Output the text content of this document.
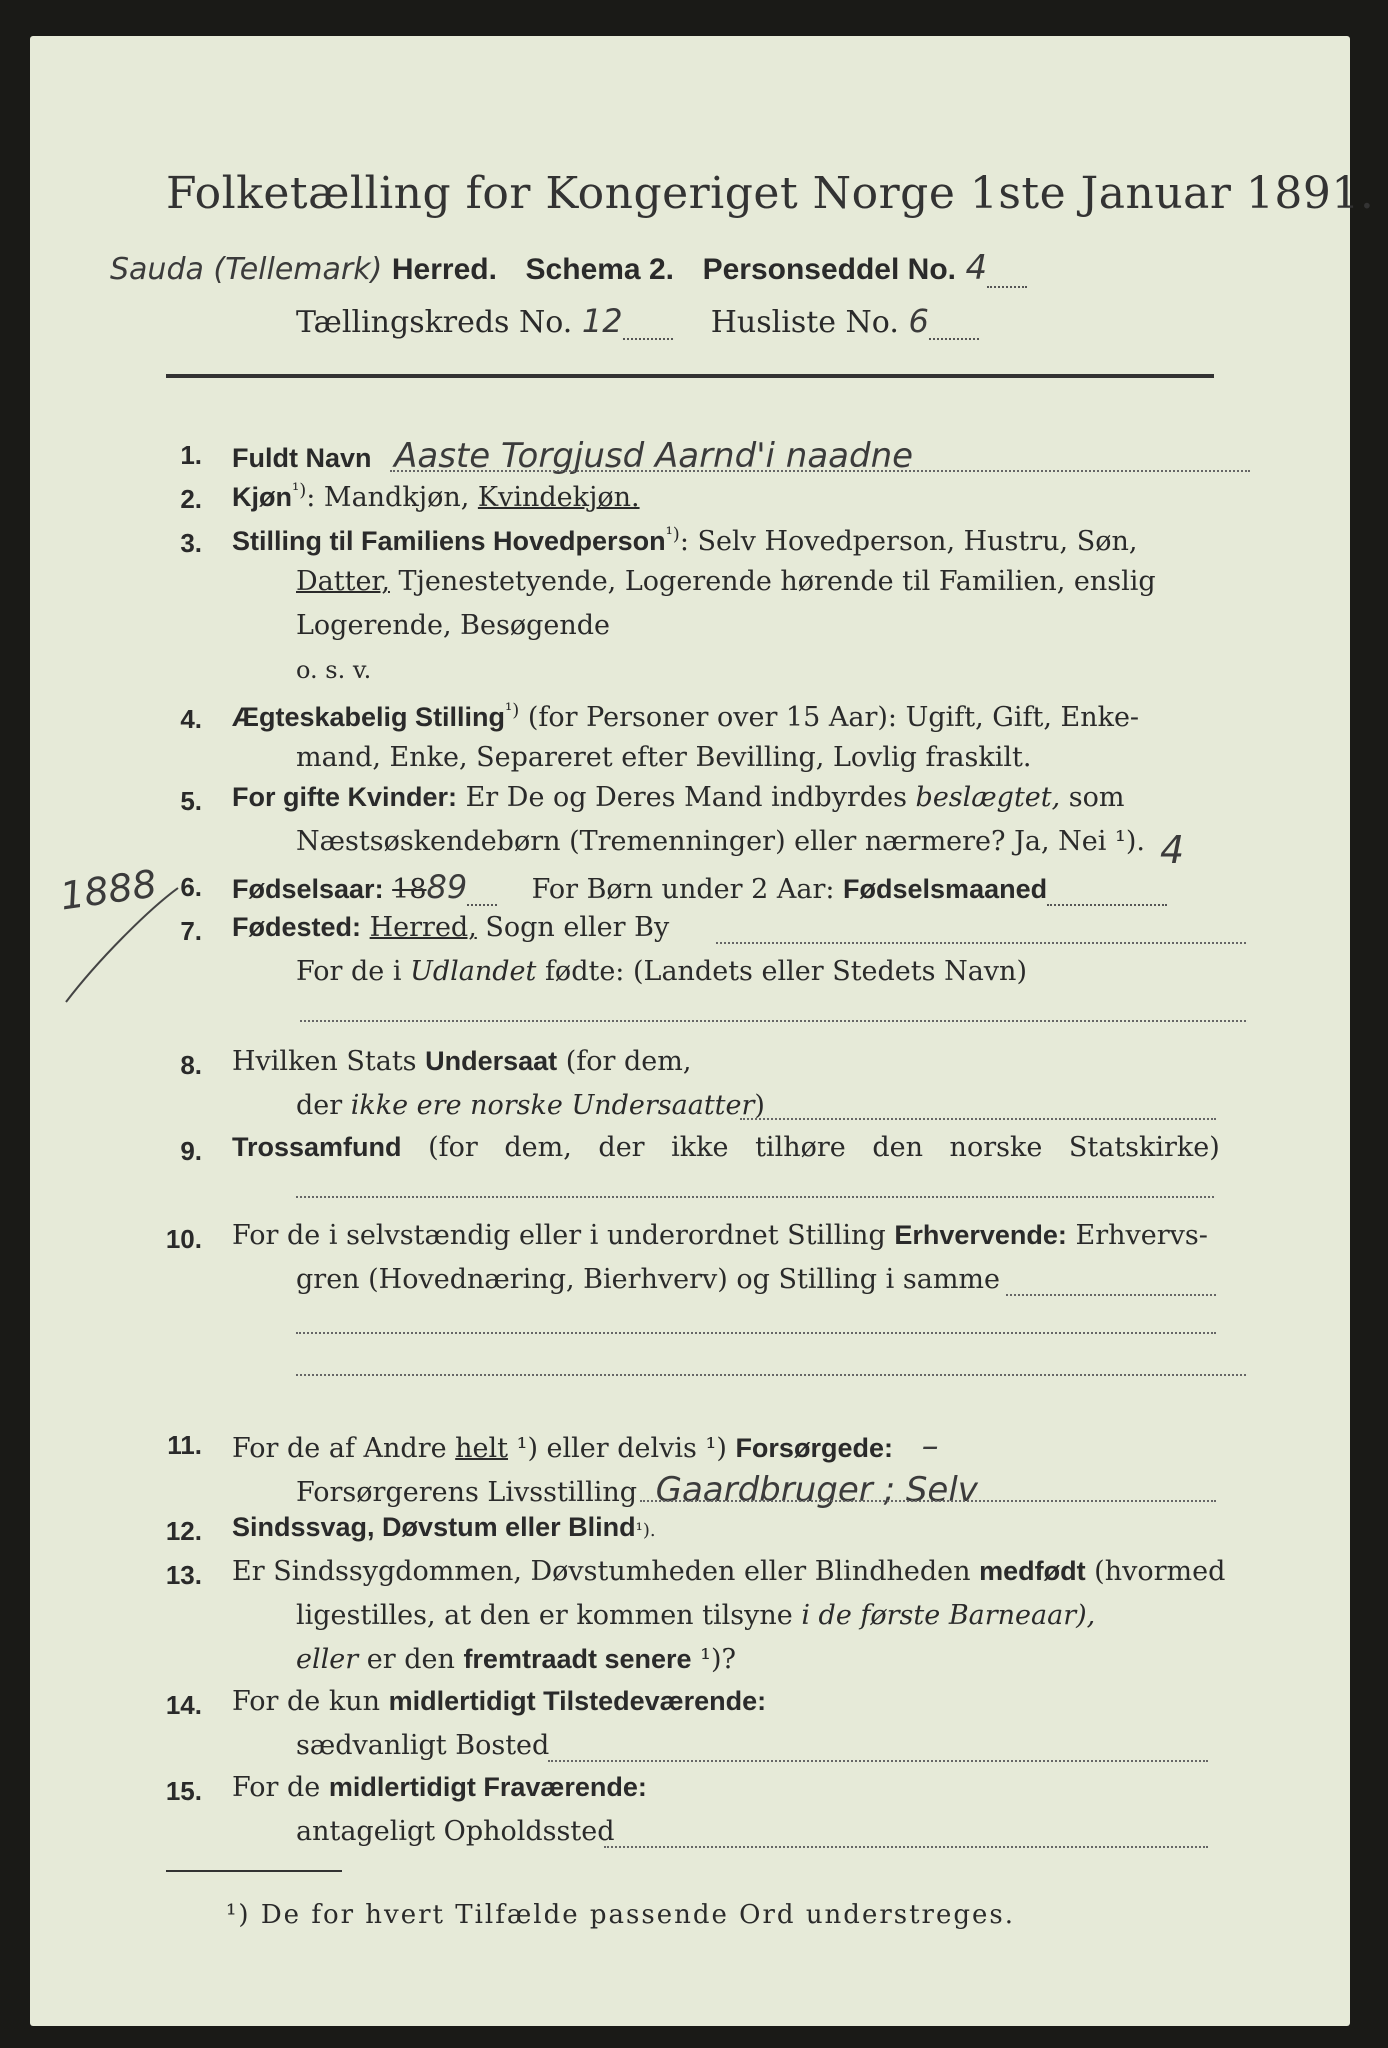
Folketælling for Kongeriget Norge 1ste Januar 1891.
Sauda (Tellemark) Herred. Schema 2. Personseddel No. 4
Tællingskreds No. 12	Husliste No. 6
1. Fuldt Navn Aaste Torgjusd Aarnd'i naadne
2. Kjøn$^{^1)}$: Mandkjøn, Kvindekjøn.
3. Stilling til Familiens Hovedperson$^{^1)}$: Selv Hovedperson, Hustru, Søn,
Datter, Tjenestetyende, Logerende hørende til Familien, enslig
Logerende, Besøgende
o. s. v.
4. Ægteskabelig Stilling$^{^1)}$ (for Personer over 15 Aar): Ugift, Gift, Enke-
mand, Enke, Separeret efter Bevilling, Lovlig fraskilt.
5. For gifte Kvinder: Er De og Deres Mand indbyrdes beslægtet, som
Næstsøskendebørn (Tremenninger) eller nærmere? Ja, Nei ¹). 4
1888 6. Fødselsaar: 1889 For Børn under 2 Aar: Fødselsmaaned
7. Fødested: Herred, Sogn eller By
For de i Udlandet fødte: (Landets eller Stedets Navn)
8. Hvilken Stats Undersaat (for dem,
der ikke ere norske Undersaatter)
9. Trossamfund (for dem, der ikke tilhøre den norske Statskirke)
10. For de i selvstændig eller i underordnet Stilling Erhvervende: Erhvervs-
gren (Hovednæring, Bierhverv) og Stilling i samme
11. For de af Andre helt ¹) eller delvis ¹) Forsørgede: –
Forsørgerens Livsstilling Gaardbruger ; Selv
12. Sindssvag, Døvstum eller Blind¹).
13. Er Sindssygdommen, Døvstumheden eller Blindheden medfødt (hvormed
ligestilles, at den er kommen tilsyne i de første Barneaar),
eller er den fremtraadt senere ¹)?
14. For de kun midlertidigt Tilstedeværende:
sædvanligt Bosted
15. For de midlertidigt Fraværende:
antageligt Opholdssted
¹) De for hvert Tilfælde passende Ord understreges.
